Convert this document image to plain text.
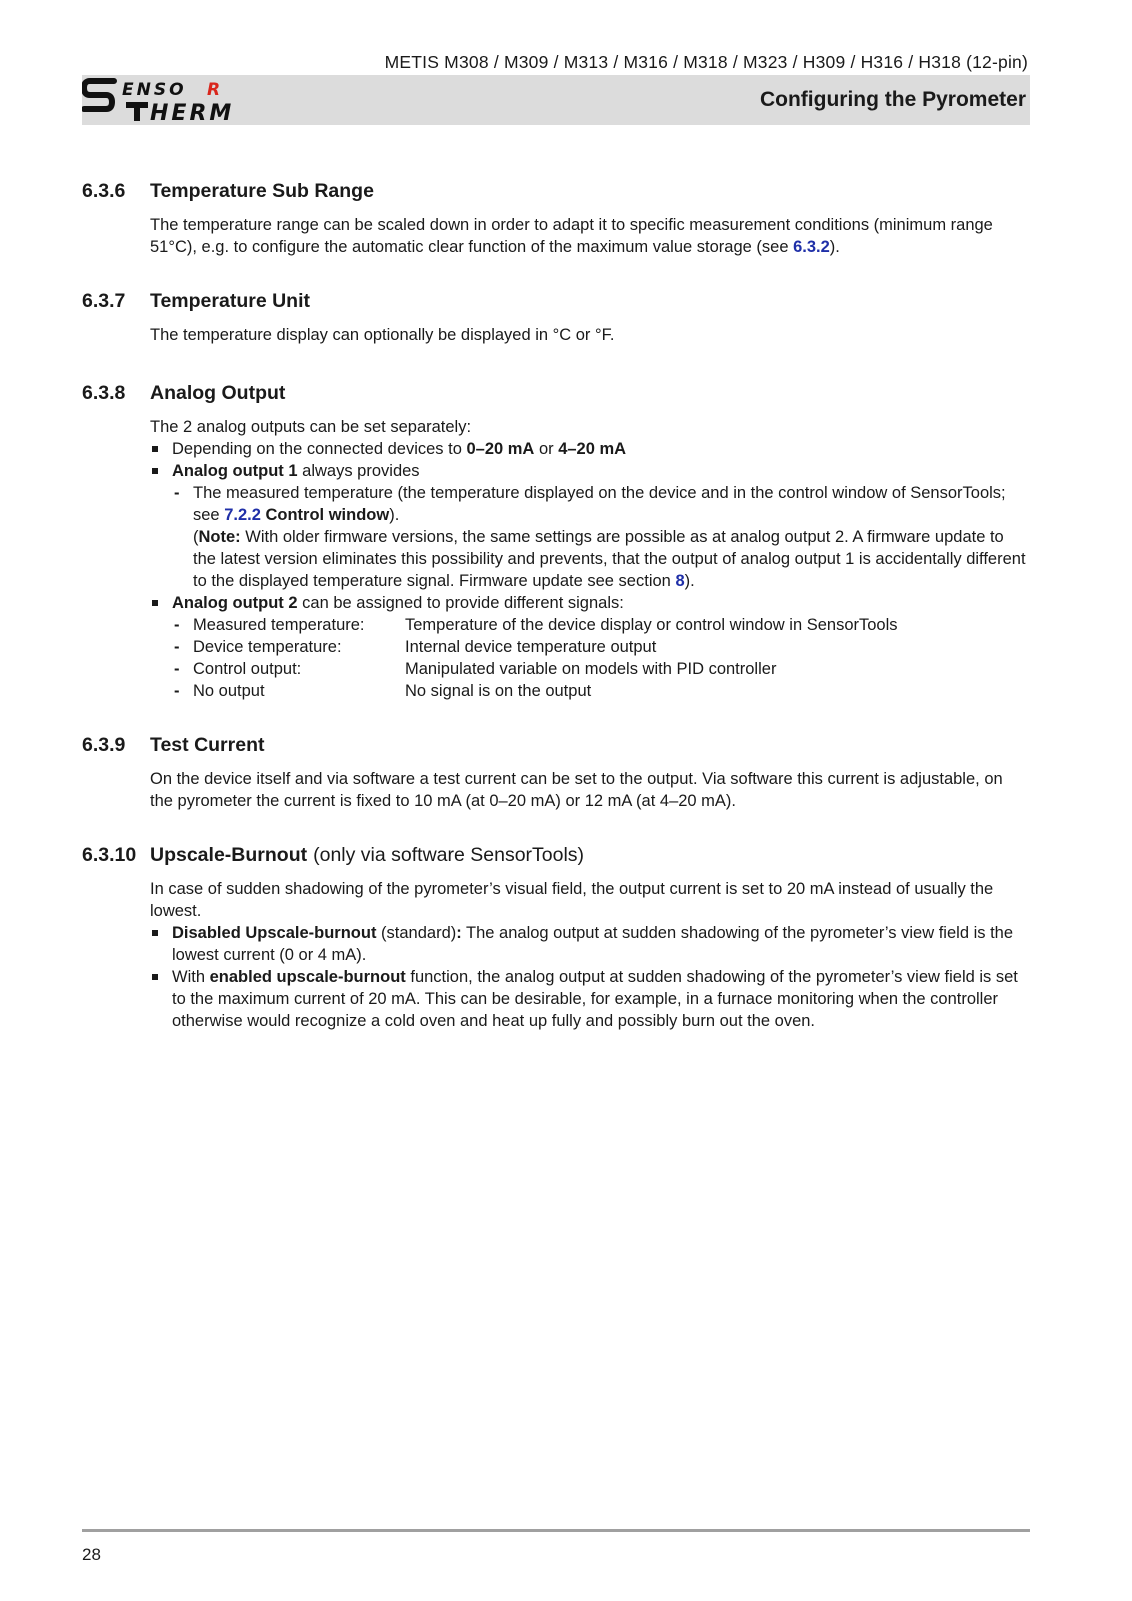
METIS M308 / M309 / M313 / M316 / M318 / M323 / H309 / H316 / H318 (12-pin)
ENSO R
HERM
Configuring the Pyrometer
6.3.6	Temperature Sub Range

The temperature range can be scaled down in order to adapt it to specific measurement conditions (minimum range 51°C), e.g. to configure the automatic clear function of the maximum value storage (see 6.3.2).

6.3.7	Temperature Unit

The temperature display can optionally be displayed in °C or °F.

6.3.8	Analog Output

The 2 analog outputs can be set separately:

Depending on the connected devices to 0–20 mA or 4–20 mA
Analog output 1 always provides
- The measured temperature (the temperature displayed on the device and in the control window of SensorTools; see 7.2.2 Control window).
(Note: With older firmware versions, the same settings are possible as at analog output 2. A firmware update to the latest version eliminates this possibility and prevents, that the output of analog output 1 is accidentally different to the displayed temperature signal. Firmware update see section 8).
Analog output 2 can be assigned to provide different signals:
- Measured temperature:	Temperature of the device display or control window in SensorTools
- Device temperature:	Internal device temperature output
- Control output:	Manipulated variable on models with PID controller
- No output	No signal is on the output
6.3.9	Test Current

On the device itself and via software a test current can be set to the output. Via software this current is adjustable, on the pyrometer the current is fixed to 10 mA (at 0–20 mA) or 12 mA (at 4–20 mA).

6.3.10 Upscale-Burnout (only via software SensorTools)

In case of sudden shadowing of the pyrometer’s visual field, the output current is set to 20 mA instead of usually the lowest.

Disabled Upscale-burnout (standard): The analog output at sudden shadowing of the pyrometer’s view field is the lowest current (0 or 4 mA).
With enabled upscale-burnout function, the analog output at sudden shadowing of the pyrometer’s view field is set to the maximum current of 20 mA. This can be desirable, for example, in a furnace monitoring when the controller otherwise would recognize a cold oven and heat up fully and possibly burn out the oven.
28
